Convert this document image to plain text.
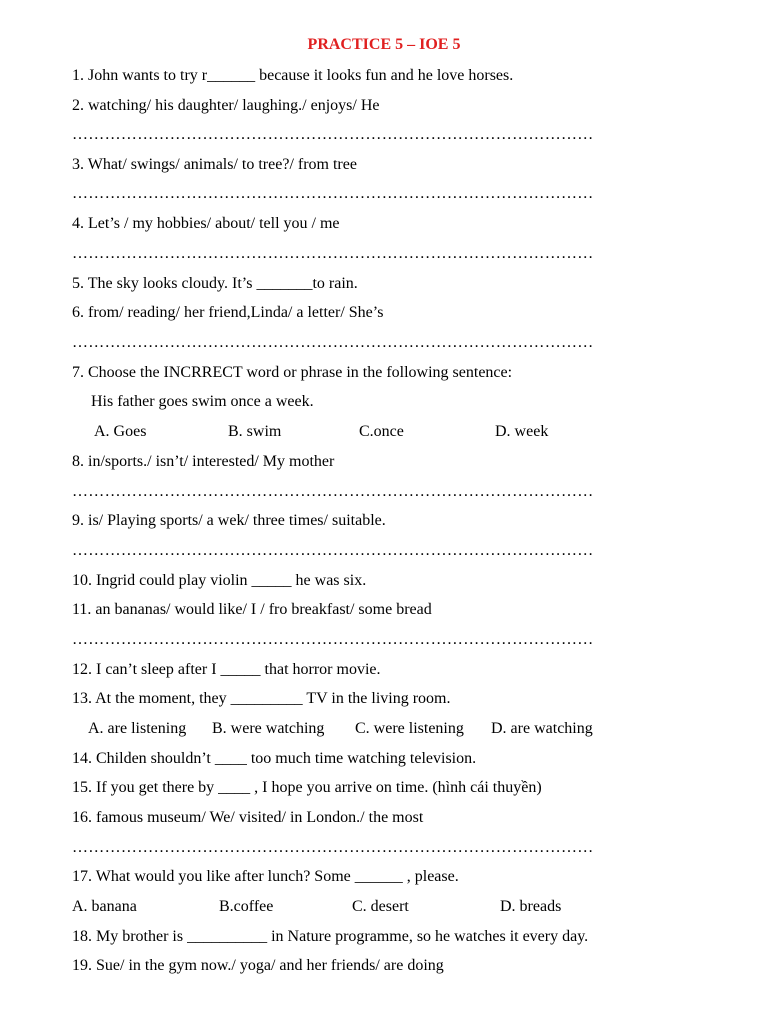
PRACTICE 5 – IOE 5
1. John wants to try r______ because it looks fun and he love horses.
2. watching/ his daughter/ laughing./ enjoys/ He
……………………………………………………………………………………
3. What/ swings/ animals/ to tree?/ from tree
……………………………………………………………………………………
4. Let’s / my hobbies/ about/ tell you / me
……………………………………………………………………………………
5. The sky looks cloudy. It’s _______to rain.
6. from/ reading/ her friend,Linda/ a letter/ She’s
……………………………………………………………………………………
7. Choose the INCRRECT word or phrase in the following sentence:
His father goes swim once a week.
A. Goes	B. swim	C.once	D. week
8. in/sports./ isn’t/ interested/ My mother
……………………………………………………………………………………
9. is/ Playing sports/ a wek/ three times/ suitable.
……………………………………………………………………………………
10. Ingrid could play violin _____ he was six.
11. an bananas/ would like/ I / fro breakfast/ some bread
……………………………………………………………………………………
12. I can’t sleep after I _____ that horror movie.
13. At the moment, they _________ TV in the living room.
A. are listening B. were watching C. were listening D. are watching
14. Childen shouldn’t ____ too much time watching television.
15. If you get there by ____ , I hope you arrive on time. (hình cái thuyền)
16. famous museum/ We/ visited/ in London./ the most
……………………………………………………………………………………
17. What would you like after lunch? Some ______ , please.
A. banana	B.coffee	C. desert	D. breads
18. My brother is __________ in Nature programme, so he watches it every day.
19. Sue/ in the gym now./ yoga/ and her friends/ are doing
